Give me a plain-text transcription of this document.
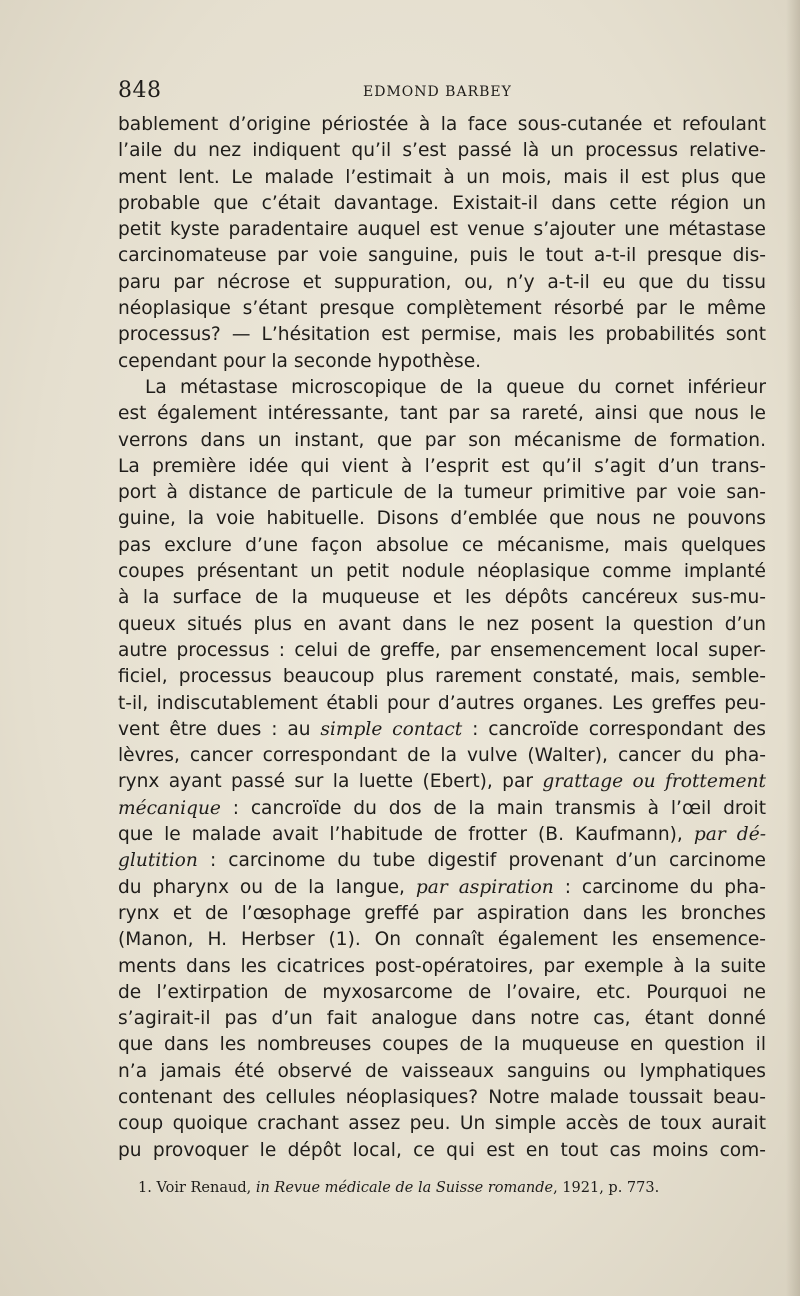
848	EDMOND BARBEY
bablement d’origine périostée à la face sous-cutanée et refoulant
l’aile du nez indiquent qu’il s’est passé là un processus relative-
ment lent. Le malade l’estimait à un mois, mais il est plus que
probable que c’était davantage. Existait-il dans cette région un
petit kyste paradentaire auquel est venue s’ajouter une métastase
carcinomateuse par voie sanguine, puis le tout a-t-il presque dis-
paru par nécrose et suppuration, ou, n’y a-t-il eu que du tissu
néoplasique s’étant presque complètement résorbé par le même
processus? — L’hésitation est permise, mais les probabilités sont
cependant pour la seconde hypothèse.
La métastase microscopique de la queue du cornet inférieur
est également intéressante, tant par sa rareté, ainsi que nous le
verrons dans un instant, que par son mécanisme de formation.
La première idée qui vient à l’esprit est qu’il s’agit d’un trans-
port à distance de particule de la tumeur primitive par voie san-
guine, la voie habituelle. Disons d’emblée que nous ne pouvons
pas exclure d’une façon absolue ce mécanisme, mais quelques
coupes présentant un petit nodule néoplasique comme implanté
à la surface de la muqueuse et les dépôts cancéreux sus-mu-
queux situés plus en avant dans le nez posent la question d’un
autre processus : celui de greffe, par ensemencement local super-
ficiel, processus beaucoup plus rarement constaté, mais, semble-
t-il, indiscutablement établi pour d’autres organes. Les greffes peu-
vent être dues : au simple contact : cancroïde correspondant des
lèvres, cancer correspondant de la vulve (Walter), cancer du pha-
rynx ayant passé sur la luette (Ebert), par grattage ou frottement
mécanique : cancroïde du dos de la main transmis à l’œil droit
que le malade avait l’habitude de frotter (B. Kaufmann), par dé-
glutition : carcinome du tube digestif provenant d’un carcinome
du pharynx ou de la langue, par aspiration : carcinome du pha-
rynx et de l’œsophage greffé par aspiration dans les bronches
(Manon, H. Herbser (1). On connaît également les ensemence-
ments dans les cicatrices post-opératoires, par exemple à la suite
de l’extirpation de myxosarcome de l’ovaire, etc. Pourquoi ne
s’agirait-il pas d’un fait analogue dans notre cas, étant donné
que dans les nombreuses coupes de la muqueuse en question il
n’a jamais été observé de vaisseaux sanguins ou lymphatiques
contenant des cellules néoplasiques? Notre malade toussait beau-
coup quoique crachant assez peu. Un simple accès de toux aurait
pu provoquer le dépôt local, ce qui est en tout cas moins com-
1. Voir Renaud, in Revue médicale de la Suisse romande, 1921, p. 773.
